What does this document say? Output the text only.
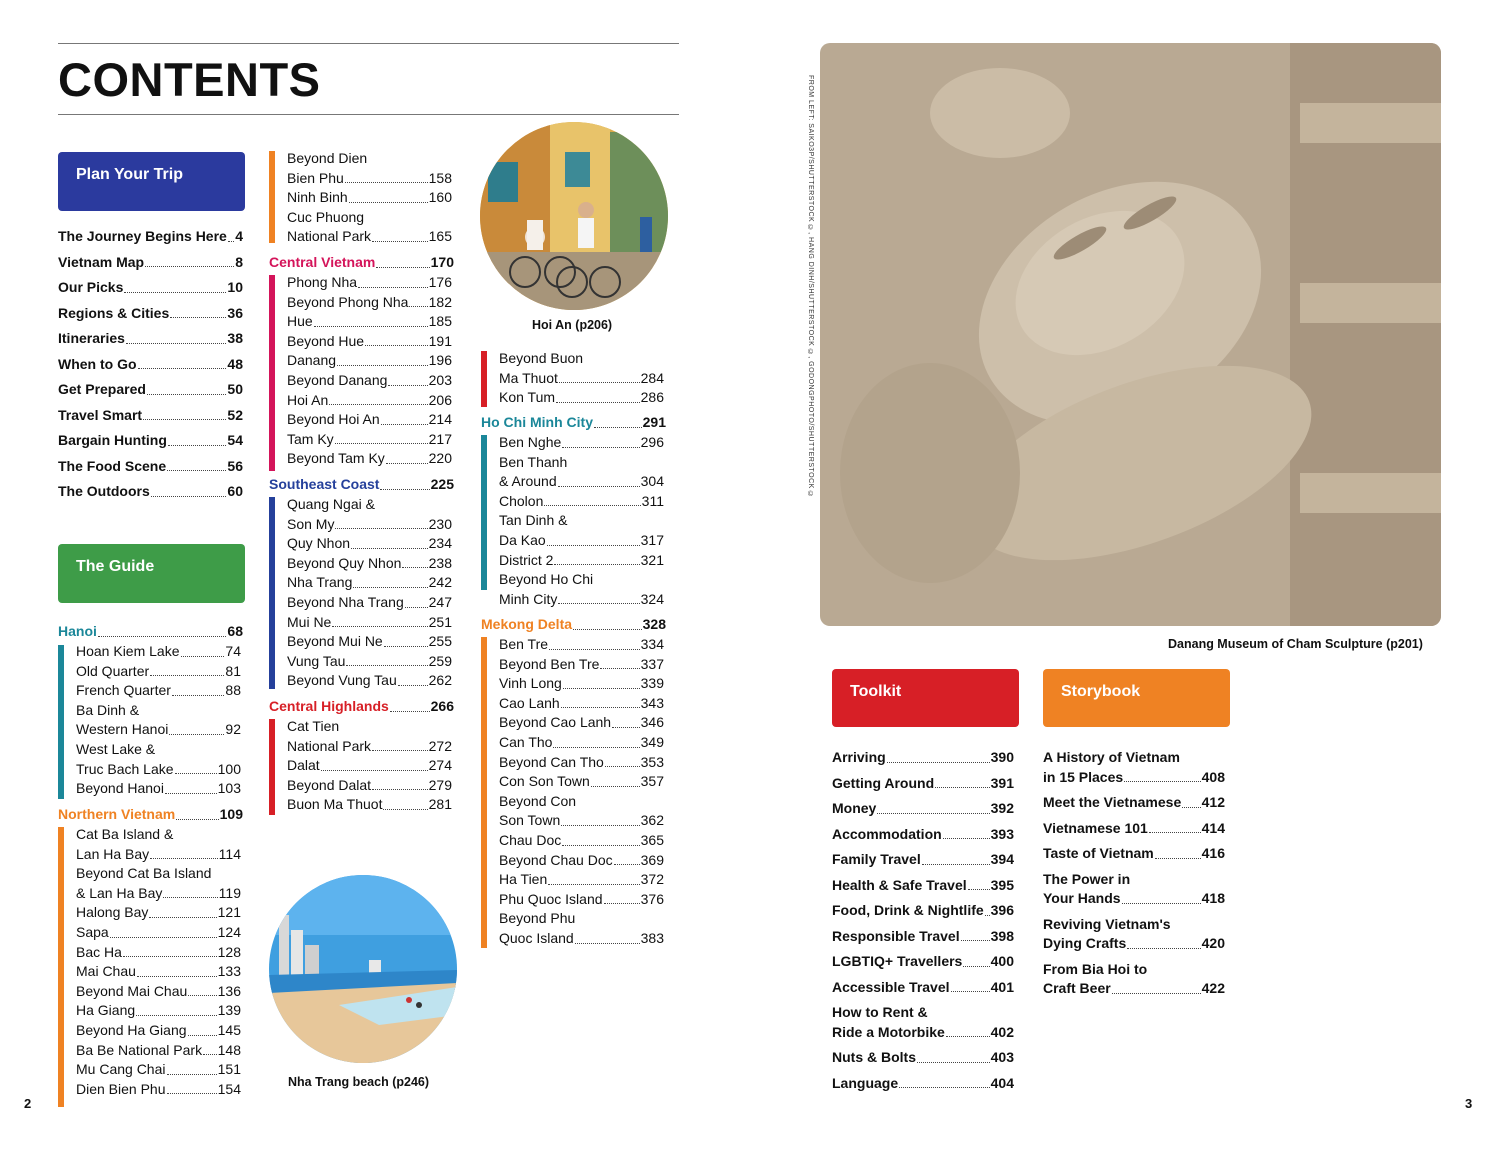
CONTENTS
Plan Your Trip
The Guide
Toolkit	Storybook
The Journey Begins Here 4
Vietnam Map	8
Our Picks	10
Regions & Cities	36
Itineraries	38
When to Go	48
Get Prepared	50
Travel Smart	52
Bargain Hunting	54
The Food Scene	56
The Outdoors	60
Hanoi	68
Hoan Kiem Lake	74
Old Quarter	81
French Quarter	88
Ba Dinh &
Western Hanoi	92
West Lake &
Truc Bach Lake	100
Beyond Hanoi	103
Northern Vietnam	109
Beyond Dien
Bien Phu	158
Ninh Binh	160
Cuc Phuong
National Park	165
Cat Ba Island &
Lan Ha Bay	114
Beyond Cat Ba Island
& Lan Ha Bay	119
Halong Bay	121
Sapa	124
Bac Ha	128
Mai Chau	133
Beyond Mai Chau 136
Ha Giang	139
Beyond Ha Giang 145
Ba Be National Park 148
Mu Cang Chai	151
Dien Bien Phu	154
Central Vietnam	170
Phong Nha	176
Beyond Phong Nha 182
Hue	185
Beyond Hue	191
Danang	196
Beyond Danang	203
Hoi An	206
Beyond Hoi An	214
Tam Ky	217
Beyond Tam Ky	220
Southeast Coast	225
Quang Ngai &
Son My	230
Quy Nhon	234
Beyond Quy Nhon 238
Nha Trang	242
Beyond Nha Trang 247
Mui Ne	251
Beyond Mui Ne	255
Vung Tau	259
Beyond Vung Tau 262
Central Highlands	266
Cat Tien
National Park	272
Dalat	274
Beyond Dalat	279
Buon Ma Thuot	281
Beyond Buon
Ma Thuot	284
Kon Tum	286
Ho Chi Minh City	291
Ben Nghe	296
Ben Thanh
& Around	304
Cholon	311
Tan Dinh &
Da Kao	317
District 2	321
Beyond Ho Chi
Minh City	324
Mekong Delta	328
Ben Tre	334
Beyond Ben Tre	337
Vinh Long	339
Cao Lanh	343
Beyond Cao Lanh 346
Can Tho	349
Beyond Can Tho	353
Con Son Town	357
Beyond Con
Son Town	362
Chau Doc	365
Beyond Chau Doc 369
Ha Tien	372
Phu Quoc Island	376
Beyond Phu
Quoc Island	383
Arriving	390
Getting Around	391
Money	392
Accommodation	393
Family Travel	394
Health & Safe Travel 395
Food, Drink & Nightlife 396
Responsible Travel 398
LGBTIQ+ Travellers 400
Accessible Travel	401
How to Rent &
Ride a Motorbike	402
Nuts & Bolts	403
Language	404
A History of Vietnam
in 15 Places	408
Meet the Vietnamese 412
Vietnamese 101	414
Taste of Vietnam	416
The Power in
Your Hands	418
Reviving Vietnam's
Dying Crafts	420
From Bia Hoi to
Craft Beer	422
Hoi An (p206)
Nha Trang beach (p246)
Danang Museum of Cham Sculpture (p201)
FROM LEFT: SAIKO3P/SHUTTERSTOCK ©, HANG DINH/SHUTTERSTOCK ©, GODONGPHOTO/SHUTTERSTOCK ©
2	3
